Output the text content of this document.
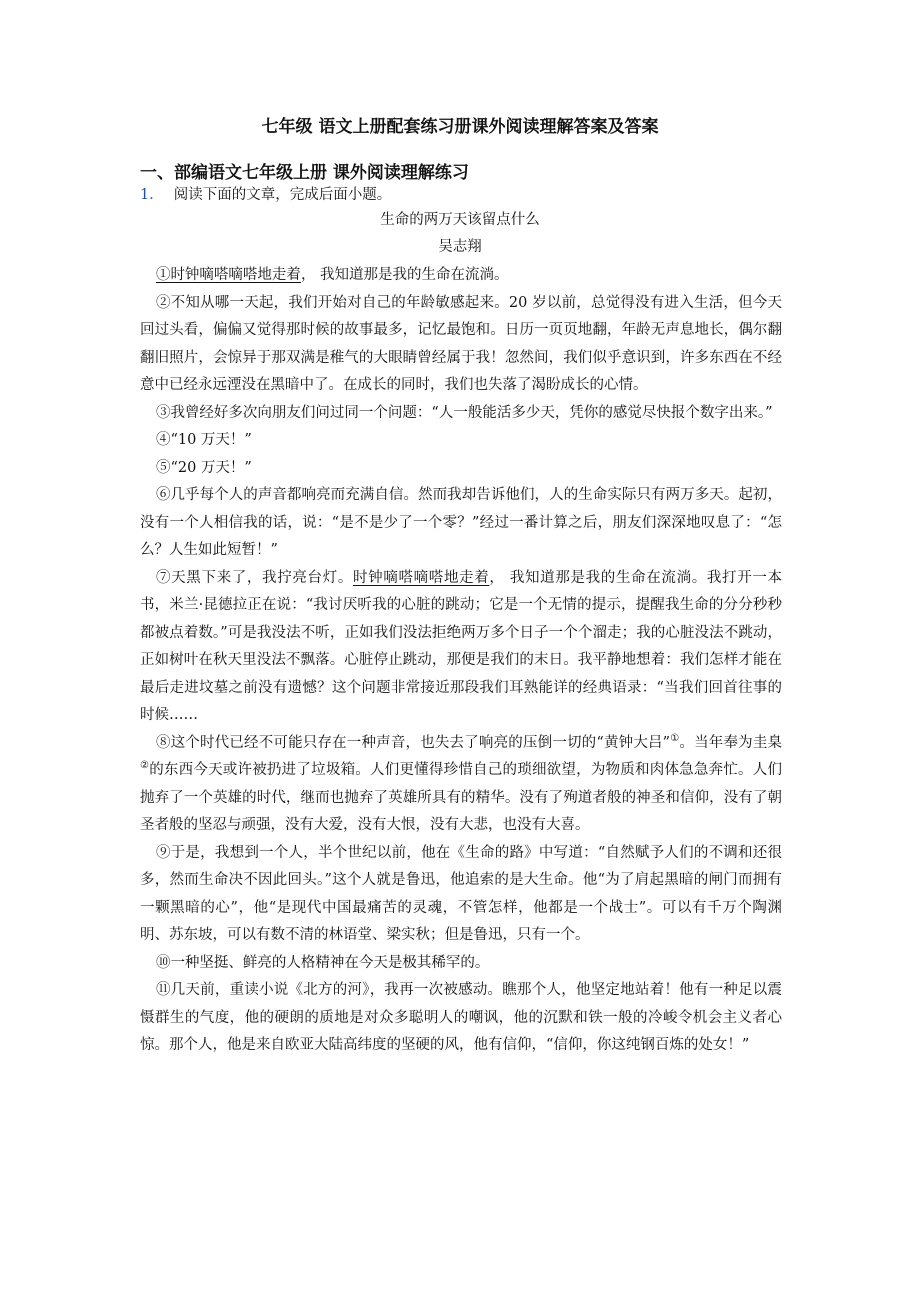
七年级 语文上册配套练习册课外阅读理解答案及答案
一、部编语文七年级上册 课外阅读理解练习
1． 阅读下面的文章，完成后面小题。
生命的两万天该留点什么
吴志翔

①时钟嘀嗒嘀嗒地走着， 我知道那是我的生命在流淌。

②不知从哪一天起，我们开始对自己的年龄敏感起来。20 岁以前，总觉得没有进入生活，但今天回过头看，偏偏又觉得那时候的故事最多，记忆最饱和。日历一页页地翻，年龄无声息地长，偶尔翻翻旧照片，会惊异于那双满是稚气的大眼睛曾经属于我！忽然间，我们似乎意识到，许多东西在不经意中已经永远湮没在黑暗中了。在成长的同时，我们也失落了渴盼成长的心情。

③我曾经好多次向朋友们问过同一个问题：“人一般能活多少天，凭你的感觉尽快报个数字出来。”

④“10 万天！”

⑤“20 万天！”

⑥几乎每个人的声音都响亮而充满自信。然而我却告诉他们，人的生命实际只有两万多天。起初，没有一个人相信我的话，说：“是不是少了一个零？”经过一番计算之后，朋友们深深地叹息了：“怎么？人生如此短暂！”

⑦天黑下来了，我拧亮台灯。时钟嘀嗒嘀嗒地走着， 我知道那是我的生命在流淌。我打开一本书，米兰·昆德拉正在说：“我讨厌听我的心脏的跳动；它是一个无情的提示，提醒我生命的分分秒秒都被点着数。”可是我没法不听，正如我们没法拒绝两万多个日子一个个溜走；我的心脏没法不跳动，正如树叶在秋天里没法不飘落。心脏停止跳动，那便是我们的末日。我平静地想着：我们怎样才能在最后走进坟墓之前没有遗憾？这个问题非常接近那段我们耳熟能详的经典语录：“当我们回首往事的时候……

⑧这个时代已经不可能只存在一种声音，也失去了响亮的压倒一切的“黄钟大吕”①。当年奉为圭臬②的东西今天或许被扔进了垃圾箱。人们更懂得珍惜自己的琐细欲望，为物质和肉体急急奔忙。人们抛弃了一个英雄的时代，继而也抛弃了英雄所具有的精华。没有了殉道者般的神圣和信仰，没有了朝圣者般的坚忍与顽强，没有大爱，没有大恨，没有大悲，也没有大喜。

⑨于是，我想到一个人，半个世纪以前，他在《生命的路》中写道：“自然赋予人们的不调和还很多，然而生命决不因此回头。”这个人就是鲁迅，他追索的是大生命。他“为了肩起黑暗的闸门而拥有一颗黑暗的心”，他“是现代中国最痛苦的灵魂，不管怎样，他都是一个战士”。可以有千万个陶渊明、苏东坡，可以有数不清的林语堂、梁实秋；但是鲁迅，只有一个。

⑩一种坚挺、鲜亮的人格精神在今天是极其稀罕的。

⑪几天前，重读小说《北方的河》，我再一次被感动。瞧那个人，他坚定地站着！他有一种足以震慑群生的气度，他的硬朗的质地是对众多聪明人的嘲讽，他的沉默和铁一般的冷峻令机会主义者心惊。那个人，他是来自欧亚大陆高纬度的坚硬的风，他有信仰，“信仰，你这纯钢百炼的处女！”
